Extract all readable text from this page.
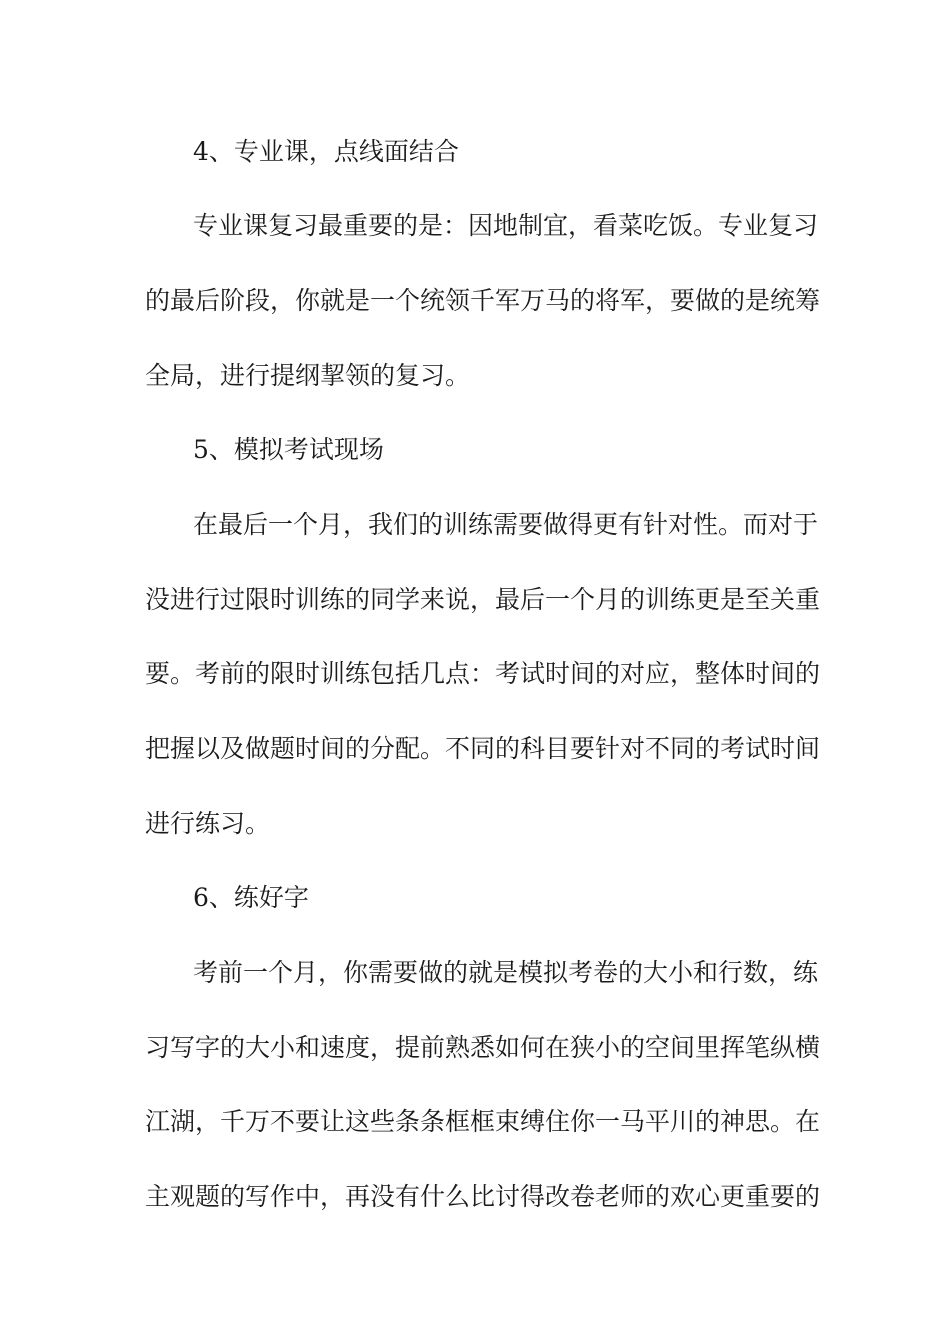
4、专业课，点线面结合
专业课复习最重要的是：因地制宜，看菜吃饭。专业复习
的最后阶段，你就是一个统领千军万马的将军，要做的是统筹
全局，进行提纲挈领的复习。
5、模拟考试现场
在最后一个月，我们的训练需要做得更有针对性。而对于
没进行过限时训练的同学来说，最后一个月的训练更是至关重
要。考前的限时训练包括几点：考试时间的对应，整体时间的
把握以及做题时间的分配。不同的科目要针对不同的考试时间
进行练习。
6、练好字
考前一个月，你需要做的就是模拟考卷的大小和行数，练
习写字的大小和速度，提前熟悉如何在狭小的空间里挥笔纵横
江湖，千万不要让这些条条框框束缚住你一马平川的神思。在
主观题的写作中，再没有什么比讨得改卷老师的欢心更重要的
